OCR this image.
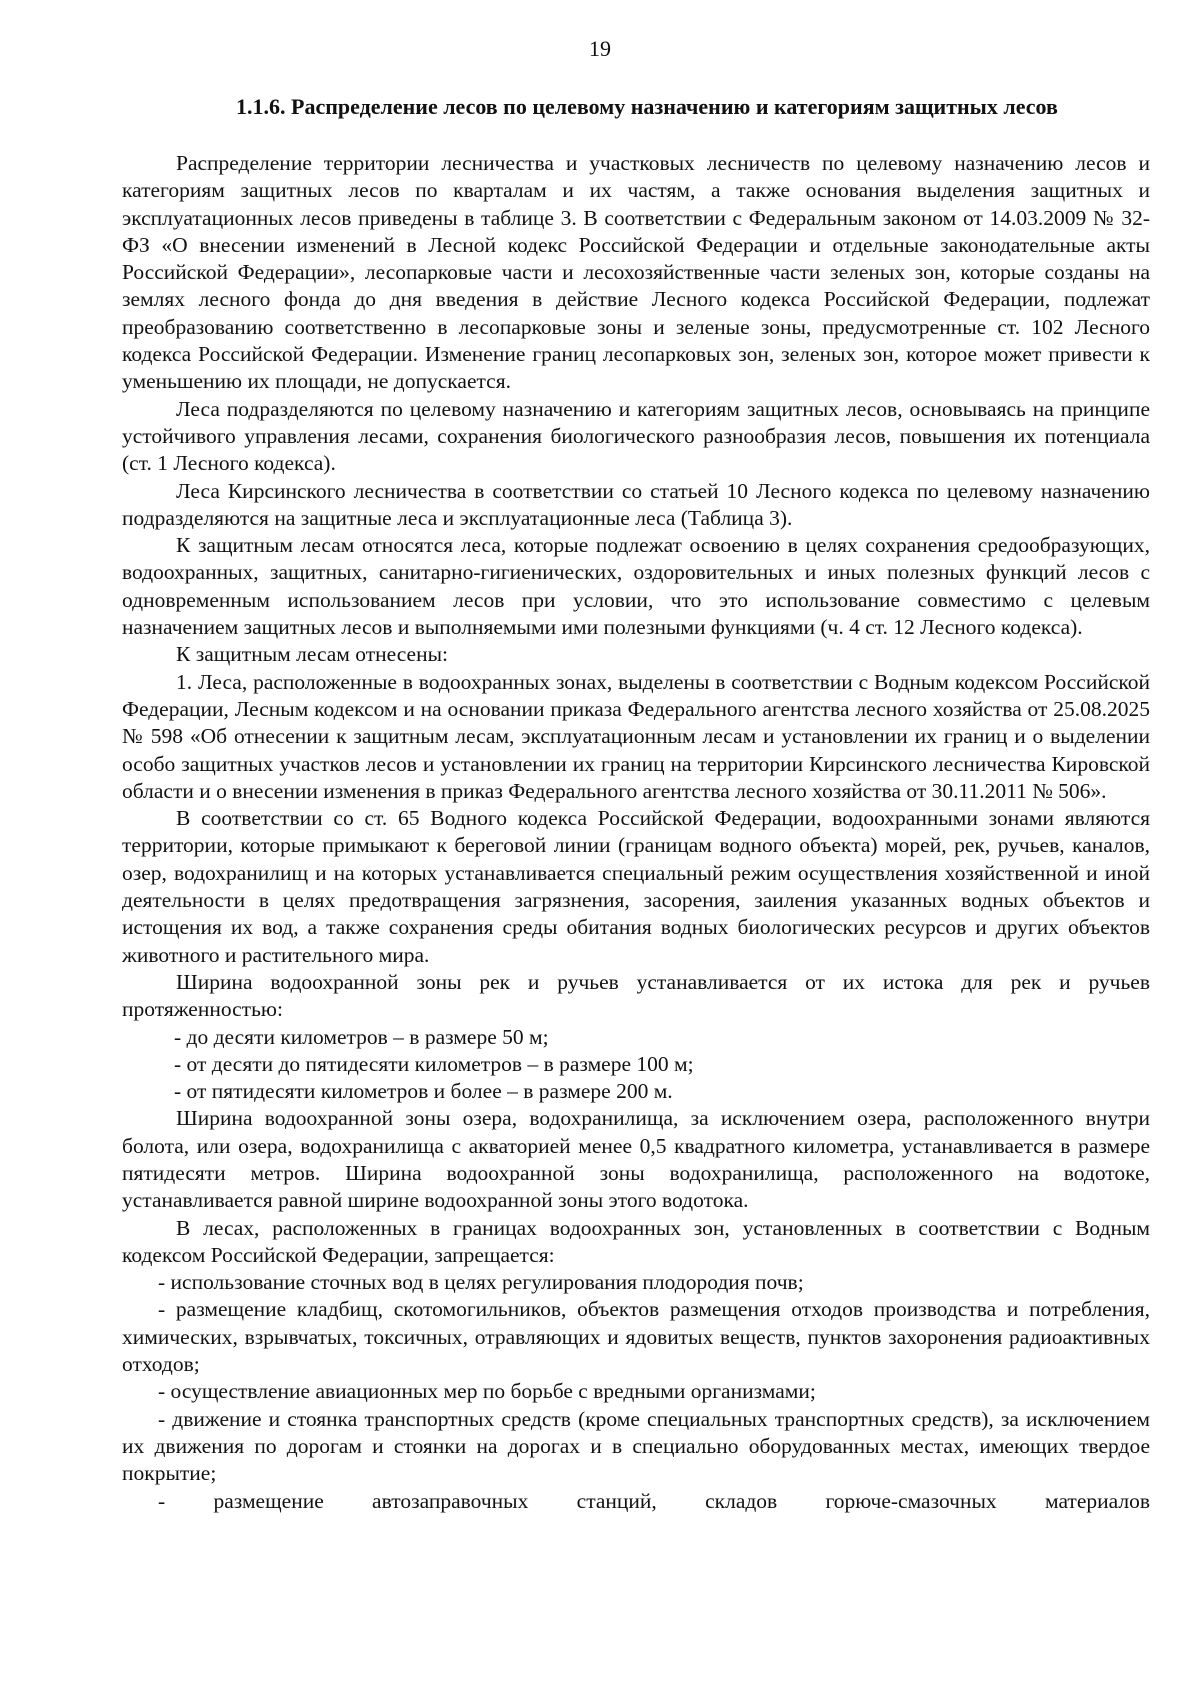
19
1.1.6. Распределение лесов по целевому назначению и категориям защитных лесов

Распределение территории лесничества и участковых лесничеств по целевому назначению лесов и категориям защитных лесов по кварталам и их частям, а также основания выделения защитных и эксплуатационных лесов приведены в таблице 3. В соответствии с Федеральным законом от 14.03.2009 № 32-ФЗ «О внесении изменений в Лесной кодекс Российской Федерации и отдельные законодательные акты Российской Федерации», лесопарковые части и лесохозяйственные части зеленых зон, которые созданы на землях лесного фонда до дня введения в действие Лесного кодекса Российской Федерации, подлежат преобразованию соответственно в лесопарковые зоны и зеленые зоны, предусмотренные ст. 102 Лесного кодекса Российской Федерации. Изменение границ лесопарковых зон, зеленых зон, которое может привести к уменьшению их площади, не допускается.

Леса подразделяются по целевому назначению и категориям защитных лесов, основываясь на принципе устойчивого управления лесами, сохранения биологического разнообразия лесов, повышения их потенциала (ст. 1 Лесного кодекса).

Леса Кирсинского лесничества в соответствии со статьей 10 Лесного кодекса по целевому назначению подразделяются на защитные леса и эксплуатационные леса (Таблица 3).

К защитным лесам относятся леса, которые подлежат освоению в целях сохранения средообразующих, водоохранных, защитных, санитарно-гигиенических, оздоровительных и иных полезных функций лесов с одновременным использованием лесов при условии, что это использование совместимо с целевым назначением защитных лесов и выполняемыми ими полезными функциями (ч. 4 ст. 12 Лесного кодекса).

К защитным лесам отнесены:

1. Леса, расположенные в водоохранных зонах, выделены в соответствии с Водным кодексом Российской Федерации, Лесным кодексом и на основании приказа Федерального агентства лесного хозяйства от 25.08.2025 № 598 «Об отнесении к защитным лесам, эксплуатационным лесам и установлении их границ и о выделении особо защитных участков лесов и установлении их границ на территории Кирсинского лесничества Кировской области и о внесении изменения в приказ Федерального агентства лесного хозяйства от 30.11.2011 № 506».

В соответствии со ст. 65 Водного кодекса Российской Федерации, водоохранными зонами являются территории, которые примыкают к береговой линии (границам водного объекта) морей, рек, ручьев, каналов, озер, водохранилищ и на которых устанавливается специальный режим осуществления хозяйственной и иной деятельности в целях предотвращения загрязнения, засорения, заиления указанных водных объектов и истощения их вод, а также сохранения среды обитания водных биологических ресурсов и других объектов животного и растительного мира.

Ширина водоохранной зоны рек и ручьев устанавливается от их истока для рек и ручьев протяженностью:

- до десяти километров – в размере 50 м;

- от десяти до пятидесяти километров – в размере 100 м;

- от пятидесяти километров и более – в размере 200 м.

Ширина водоохранной зоны озера, водохранилища, за исключением озера, расположенного внутри болота, или озера, водохранилища с акваторией менее 0,5 квадратного километра, устанавливается в размере пятидесяти метров. Ширина водоохранной зоны водохранилища, расположенного на водотоке, устанавливается равной ширине водоохранной зоны этого водотока.

В лесах, расположенных в границах водоохранных зон, установленных в соответствии с Водным кодексом Российской Федерации, запрещается:

- использование сточных вод в целях регулирования плодородия почв;

- размещение кладбищ, скотомогильников, объектов размещения отходов производства и потребления, химических, взрывчатых, токсичных, отравляющих и ядовитых веществ, пунктов захоронения радиоактивных отходов;

- осуществление авиационных мер по борьбе с вредными организмами;

- движение и стоянка транспортных средств (кроме специальных транспортных средств), за исключением их движения по дорогам и стоянки на дорогах и в специально оборудованных местах, имеющих твердое покрытие;

- размещение автозаправочных станций, складов горюче-смазочных материалов
